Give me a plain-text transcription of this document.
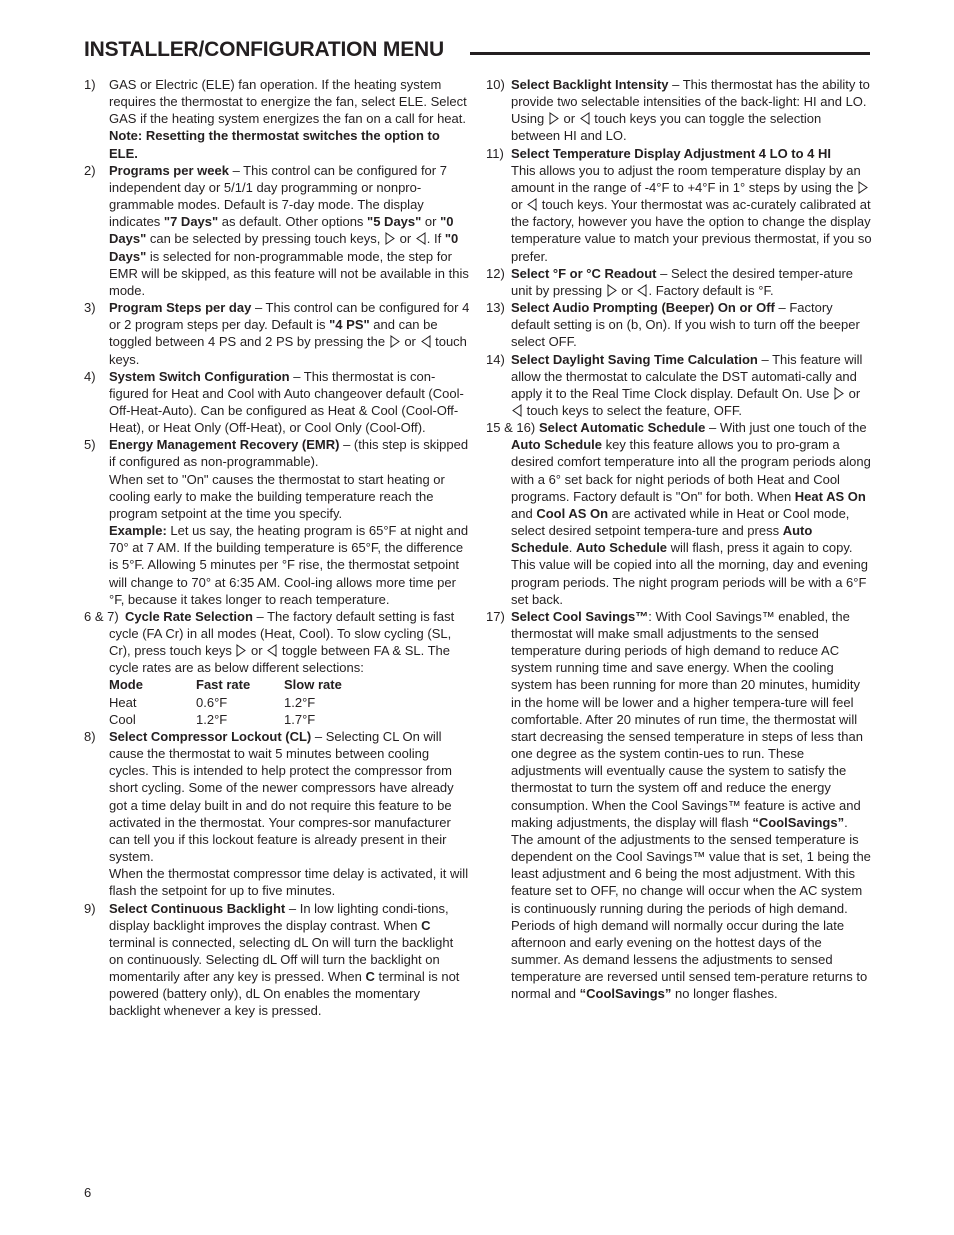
INSTALLER/CONFIGURATION MENU
1) GAS or Electric (ELE) fan operation. If the heating system requires the thermostat to energize the fan, select ELE. Select GAS if the heating system energizes the fan on a call for heat. Note: Resetting the thermostat switches the option to ELE.

2) Programs per week – This control can be configured for 7 independent day or 5/1/1 day programming or nonpro-grammable modes. Default is 7-day mode. The display indicates "7 Days" as default. Other options "5 Days" or "0 Days" can be selected by pressing touch keys,
or
. If "0 Days" is selected for non-programmable mode, the step for EMR will be skipped, as this feature will not be available in this mode.

3) Program Steps per day – This control can be configured for 4 or 2 program steps per day. Default is "4 PS" and can be toggled between 4 PS and 2 PS by pressing the
or
touch keys.

4) System Switch Configuration – This thermostat is con-figured for Heat and Cool with Auto changeover default (Cool-Off-Heat-Auto). Can be configured as Heat & Cool (Cool-Off-Heat), or Heat Only (Off-Heat), or Cool Only (Cool-Off).

5) Energy Management Recovery (EMR) – (this step is skipped if configured as non-programmable).

When set to "On" causes the thermostat to start heating or cooling early to make the building temperature reach the program setpoint at the time you specify.

Example: Let us say, the heating program is 65°F at night and 70° at 7 AM. If the building temperature is 65°F, the difference is 5°F. Allowing 5 minutes per °F rise, the thermostat setpoint will change to 70° at 6:35 AM. Cool-ing allows more time per °F, because it takes longer to reach temperature.

6 & 7) Cycle Rate Selection – The factory default setting is fast cycle (FA Cr) in all modes (Heat, Cool). To slow cycling (SL, Cr), press touch keys
or
toggle between FA & SL. The cycle rates are as below different selections:

Mode	Fast rate	Slow rate
Heat	0.6°F	1.2°F
Cool	1.2°F	1.7°F
8) Select Compressor Lockout (CL) – Selecting CL On will cause the thermostat to wait 5 minutes between cooling cycles. This is intended to help protect the compressor from short cycling. Some of the newer compressors have already got a time delay built in and do not require this feature to be activated in the thermostat. Your compres-sor manufacturer can tell you if this lockout feature is already present in their system.

When the thermostat compressor time delay is activated, it will flash the setpoint for up to five minutes.

9) Select Continuous Backlight – In low lighting condi-tions, display backlight improves the display contrast. When C terminal is connected, selecting dL On will turn the backlight on continuously. Selecting dL Off will turn the backlight on momentarily after any key is pressed. When C terminal is not powered (battery only), dL On enables the momentary backlight whenever a key is pressed.

10) Select Backlight Intensity – This thermostat has the ability to provide two selectable intensities of the back-light: HI and LO. Using
or
touch keys you can toggle the selection between HI and LO.

11) Select Temperature Display Adjustment 4 LO to 4 HI

This allows you to adjust the room temperature display by an amount in the range of -4°F to +4°F in 1° steps by using the
or
touch keys. Your thermostat was ac-curately calibrated at the factory, however you have the option to change the display temperature value to match your previous thermostat, if you so prefer.

12) Select °F or °C Readout – Select the desired temper-ature unit by pressing
or
. Factory default is °F.

13) Select Audio Prompting (Beeper) On or Off – Factory default setting is on (b, On). If you wish to turn off the beeper select OFF.

14) Select Daylight Saving Time Calculation – This feature will allow the thermostat to calculate the DST automati-cally and apply it to the Real Time Clock display. Default On. Use
or
touch keys to select the feature, OFF.

15 & 16) Select Automatic Schedule – With just one touch of the Auto Schedule key this feature allows you to pro-gram a desired comfort temperature into all the program periods along with a 6° set back for night periods of both Heat and Cool programs. Factory default is "On" for both. When Heat AS On and Cool AS On are activated while in Heat or Cool mode, select desired setpoint tempera-ture and press Auto Schedule. Auto Schedule will flash, press it again to copy. This value will be copied into all the morning, day and evening program periods. The night program periods will be with a 6°F set back.

17) Select Cool Savings™: With Cool Savings™ enabled, the thermostat will make small adjustments to the sensed temperature during periods of high demand to reduce AC system running time and save energy. When the cooling system has been running for more than 20 minutes, humidity in the home will be lower and a higher tempera-ture will feel comfortable. After 20 minutes of run time, the thermostat will start decreasing the sensed temperature in steps of less than one degree as the system contin-ues to run. These adjustments will eventually cause the system to satisfy the thermostat to turn the system off and reduce the energy consumption. When the Cool Savings™ feature is active and making adjustments, the display will flash “CoolSavings”. The amount of the adjustments to the sensed temperature is dependent on the Cool Savings™ value that is set, 1 being the least adjustment and 6 being the most adjustment. With this feature set to OFF, no change will occur when the AC system is continuously running during the periods of high demand. Periods of high demand will normally occur during the late afternoon and early evening on the hottest days of the summer. As demand lessens the adjustments to sensed temperature are reversed until sensed tem-perature returns to normal and “CoolSavings” no longer flashes.

6
